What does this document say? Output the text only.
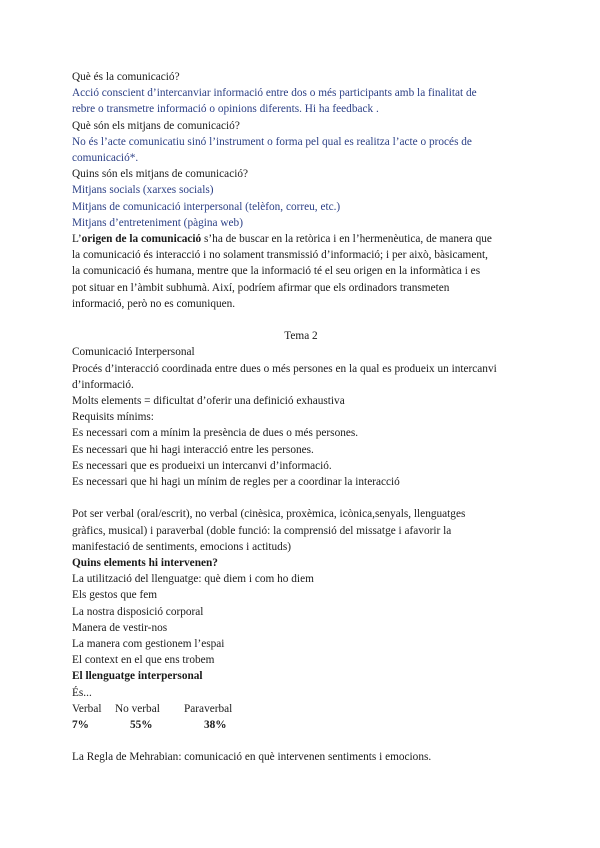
Què és la comunicació?
Acció conscient d’intercanviar informació entre dos o més participants amb la finalitat de
rebre o transmetre informació o opinions diferents. Hi ha feedback .
Què són els mitjans de comunicació?
No és l’acte comunicatiu sinó l’instrument o forma pel qual es realitza l’acte o procés de
comunicació*.
Quins són els mitjans de comunicació?
Mitjans socials (xarxes socials)
Mitjans de comunicació interpersonal (telèfon, correu, etc.)
Mitjans d’entreteniment (pàgina web)
L’origen de la comunicació s’ha de buscar en la retòrica i en l’hermenèutica, de manera que
la comunicació és interacció i no solament transmissió d’informació; i per això, bàsicament,
la comunicació és humana, mentre que la informació té el seu origen en la informàtica i es
pot situar en l’àmbit subhumà. Així, podríem afirmar que els ordinadors transmeten
informació, però no es comuniquen.
Tema 2
Comunicació Interpersonal
Procés d’interacció coordinada entre dues o més persones en la qual es produeix un intercanvi
d’informació.
Molts elements = dificultat d’oferir una definició exhaustiva
Requisits mínims:
Es necessari com a mínim la presència de dues o més persones.
Es necessari que hi hagi interacció entre les persones.
Es necessari que es produeixi un intercanvi d’informació.
Es necessari que hi hagi un mínim de regles per a coordinar la interacció
Pot ser verbal (oral/escrit), no verbal (cinèsica, proxèmica, icònica,senyals, llenguatges
gràfics, musical) i paraverbal (doble funció: la comprensió del missatge i afavorir la
manifestació de sentiments, emocions i actituds)
Quins elements hi intervenen?
La utilització del llenguatge: què diem i com ho diem
Els gestos que fem
La nostra disposició corporal
Manera de vestir-nos
La manera com gestionem l’espai
El context en el que ens trobem
El llenguatge interpersonal
És...
Verbal	No verbal	Paraverbal
7%	55%	38%
La Regla de Mehrabian: comunicació en què intervenen sentiments i emocions.
